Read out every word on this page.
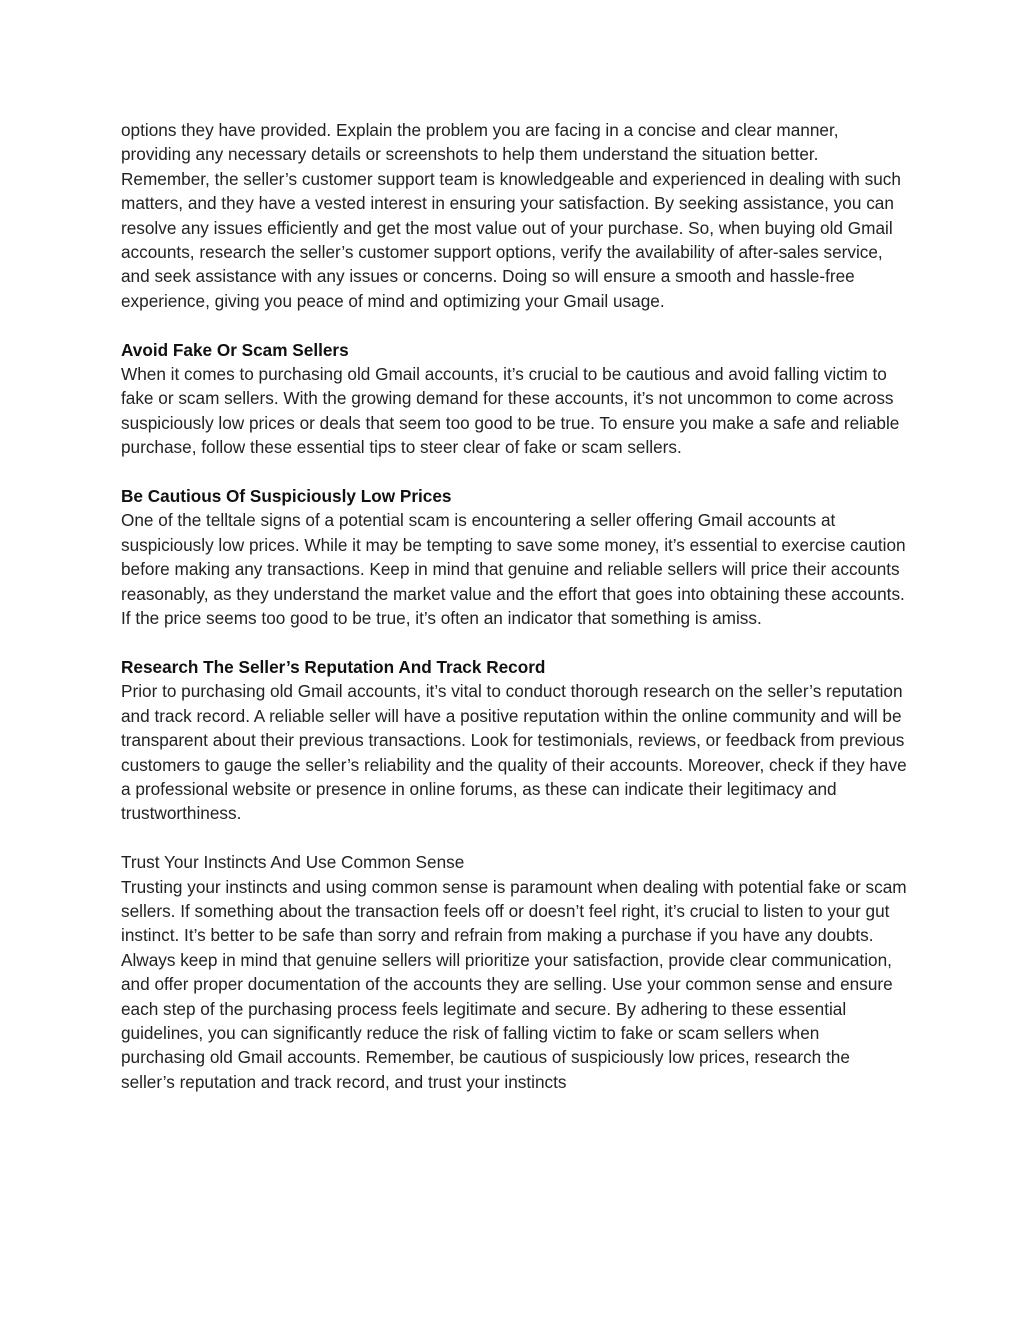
options they have provided. Explain the problem you are facing in a concise and clear manner, providing any necessary details or screenshots to help them understand the situation better. Remember, the seller’s customer support team is knowledgeable and experienced in dealing with such matters, and they have a vested interest in ensuring your satisfaction. By seeking assistance, you can resolve any issues efficiently and get the most value out of your purchase. So, when buying old Gmail accounts, research the seller’s customer support options, verify the availability of after-sales service, and seek assistance with any issues or concerns. Doing so will ensure a smooth and hassle-free experience, giving you peace of mind and optimizing your Gmail usage.

Avoid Fake Or Scam Sellers

When it comes to purchasing old Gmail accounts, it’s crucial to be cautious and avoid falling victim to fake or scam sellers. With the growing demand for these accounts, it’s not uncommon to come across suspiciously low prices or deals that seem too good to be true. To ensure you make a safe and reliable purchase, follow these essential tips to steer clear of fake or scam sellers.

Be Cautious Of Suspiciously Low Prices

One of the telltale signs of a potential scam is encountering a seller offering Gmail accounts at suspiciously low prices. While it may be tempting to save some money, it’s essential to exercise caution before making any transactions. Keep in mind that genuine and reliable sellers will price their accounts reasonably, as they understand the market value and the effort that goes into obtaining these accounts. If the price seems too good to be true, it’s often an indicator that something is amiss.

Research The Seller’s Reputation And Track Record

Prior to purchasing old Gmail accounts, it’s vital to conduct thorough research on the seller’s reputation and track record. A reliable seller will have a positive reputation within the online community and will be transparent about their previous transactions. Look for testimonials, reviews, or feedback from previous customers to gauge the seller’s reliability and the quality of their accounts. Moreover, check if they have a professional website or presence in online forums, as these can indicate their legitimacy and trustworthiness.

Trust Your Instincts And Use Common Sense

Trusting your instincts and using common sense is paramount when dealing with potential fake or scam sellers. If something about the transaction feels off or doesn’t feel right, it’s crucial to listen to your gut instinct. It’s better to be safe than sorry and refrain from making a purchase if you have any doubts. Always keep in mind that genuine sellers will prioritize your satisfaction, provide clear communication, and offer proper documentation of the accounts they are selling. Use your common sense and ensure each step of the purchasing process feels legitimate and secure. By adhering to these essential guidelines, you can significantly reduce the risk of falling victim to fake or scam sellers when purchasing old Gmail accounts. Remember, be cautious of suspiciously low prices, research the seller’s reputation and track record, and trust your instincts
